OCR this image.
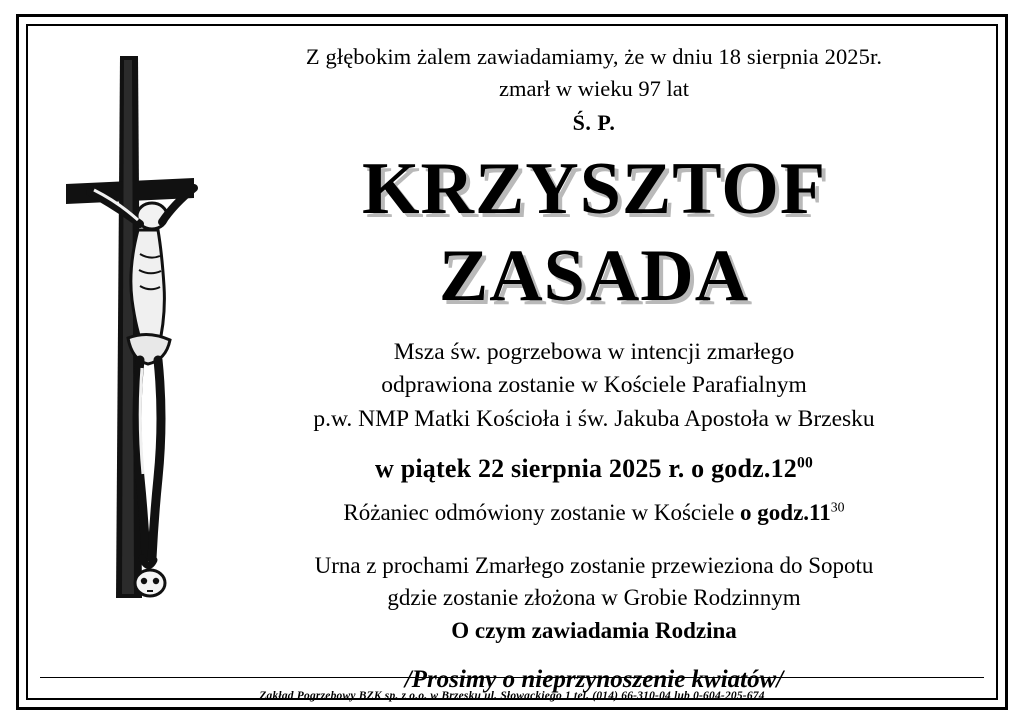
Z głębokim żalem zawiadamiamy, że w dniu 18 sierpnia 2025r.
zmarł w wieku 97 lat
Ś. P.
KRZYSZTOF
ZASADA
Msza św. pogrzebowa w intencji zmarłego
odprawiona zostanie w Kościele Parafialnym
p.w. NMP Matki Kościoła i św. Jakuba Apostoła w Brzesku
w piątek 22 sierpnia 2025 r. o $godz.12^{00}$
Różaniec odmówiony zostanie w Kościele o $godz.11^{30}$
Urna z prochami Zmarłego zostanie przewieziona do Sopotu
gdzie zostanie złożona w Grobie Rodzinnym
O czym zawiadamia Rodzina
/Prosimy o nieprzynoszenie kwiatów/
Zakład Pogrzebowy BZK sp. z o.o. w Brzesku ul. Słowackiego 1 tel. (014) 66-310-04 lub 0-604-205-674
